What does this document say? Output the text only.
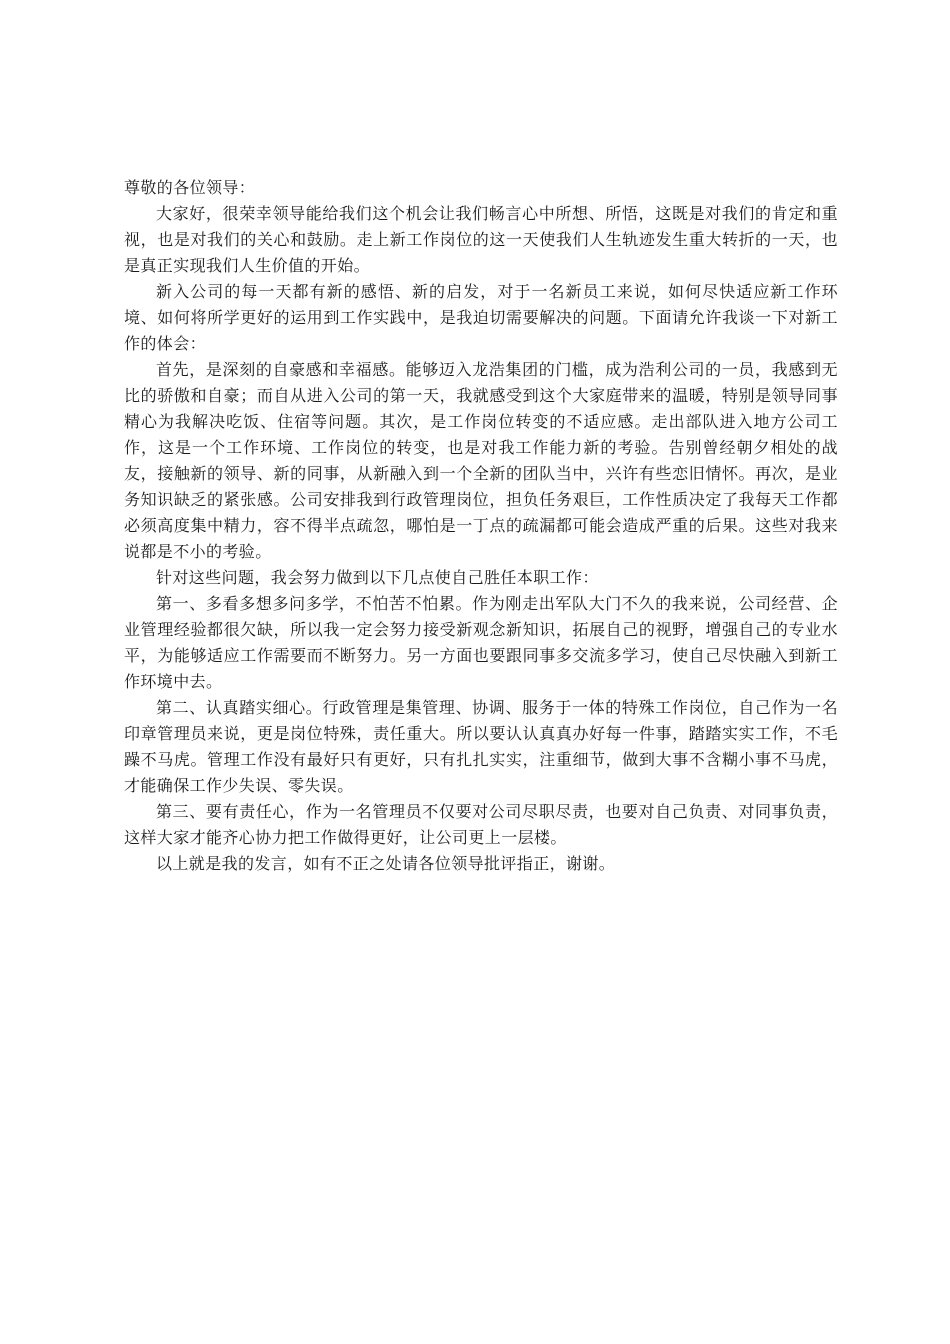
尊敬的各位领导：

大家好，很荣幸领导能给我们这个机会让我们畅言心中所想、所悟，这既是对我们的肯定和重视，也是对我们的关心和鼓励。走上新工作岗位的这一天使我们人生轨迹发生重大转折的一天，也是真正实现我们人生价值的开始。

新入公司的每一天都有新的感悟、新的启发，对于一名新员工来说，如何尽快适应新工作环境、如何将所学更好的运用到工作实践中，是我迫切需要解决的问题。下面请允许我谈一下对新工作的体会：

首先，是深刻的自豪感和幸福感。能够迈入龙浩集团的门槛，成为浩利公司的一员，我感到无比的骄傲和自豪；而自从进入公司的第一天，我就感受到这个大家庭带来的温暖，特别是领导同事精心为我解决吃饭、住宿等问题。其次，是工作岗位转变的不适应感。走出部队进入地方公司工作，这是一个工作环境、工作岗位的转变，也是对我工作能力新的考验。告别曾经朝夕相处的战友，接触新的领导、新的同事，从新融入到一个全新的团队当中，兴许有些恋旧情怀。再次，是业务知识缺乏的紧张感。公司安排我到行政管理岗位，担负任务艰巨，工作性质决定了我每天工作都必须高度集中精力，容不得半点疏忽，哪怕是一丁点的疏漏都可能会造成严重的后果。这些对我来说都是不小的考验。

针对这些问题，我会努力做到以下几点使自己胜任本职工作：

第一、多看多想多问多学，不怕苦不怕累。作为刚走出军队大门不久的我来说，公司经营、企业管理经验都很欠缺，所以我一定会努力接受新观念新知识，拓展自己的视野，增强自己的专业水平，为能够适应工作需要而不断努力。另一方面也要跟同事多交流多学习，使自己尽快融入到新工作环境中去。

第二、认真踏实细心。行政管理是集管理、协调、服务于一体的特殊工作岗位，自己作为一名印章管理员来说，更是岗位特殊，责任重大。所以要认认真真办好每一件事，踏踏实实工作，不毛躁不马虎。管理工作没有最好只有更好，只有扎扎实实，注重细节，做到大事不含糊小事不马虎，才能确保工作少失误、零失误。

第三、要有责任心，作为一名管理员不仅要对公司尽职尽责，也要对自己负责、对同事负责，这样大家才能齐心协力把工作做得更好，让公司更上一层楼。

以上就是我的发言，如有不正之处请各位领导批评指正，谢谢。
